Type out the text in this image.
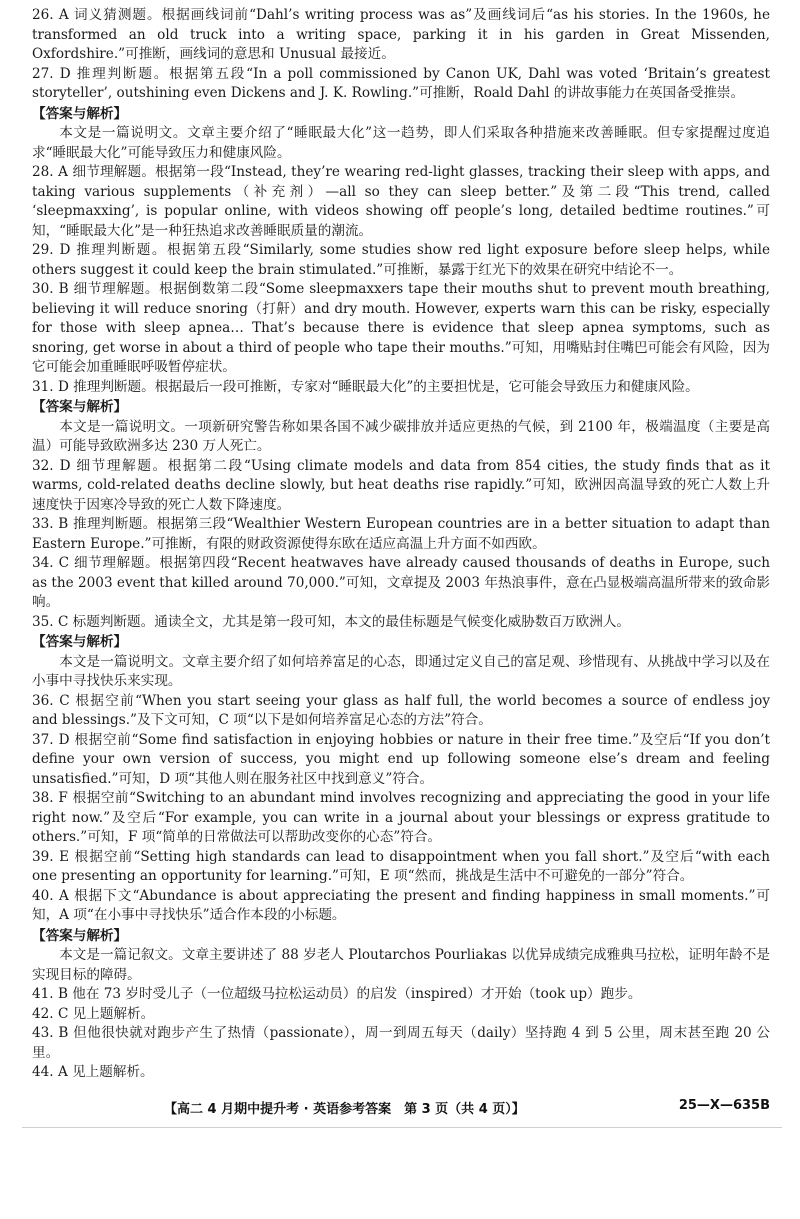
26. A 词义猜测题。根据画线词前“Dahl’s writing process was as”及画线词后“as his stories. In the 1960s, he transformed an old truck into a writing space, parking it in his garden in Great Missenden, Oxfordshire.”可推断，画线词的意思和 Unusual 最接近。

27. D 推理判断题。根据第五段“In a poll commissioned by Canon UK, Dahl was voted ‘Britain’s greatest storyteller’, outshining even Dickens and J. K. Rowling.”可推断，Roald Dahl 的讲故事能力在英国备受推崇。

【答案与解析】

本文是一篇说明文。文章主要介绍了“睡眠最大化”这一趋势，即人们采取各种措施来改善睡眠。但专家提醒过度追求“睡眠最大化”可能导致压力和健康风险。

28. A 细节理解题。根据第一段“Instead, they’re wearing red-light glasses, tracking their sleep with apps, and taking various supplements（补充剂）—all so they can sleep better.”及第二段“This trend, called ‘sleepmaxxing’, is popular online, with videos showing off people’s long, detailed bedtime routines.”可知，“睡眠最大化”是一种狂热追求改善睡眠质量的潮流。

29. D 推理判断题。根据第五段“Similarly, some studies show red light exposure before sleep helps, while others suggest it could keep the brain stimulated.”可推断，暴露于红光下的效果在研究中结论不一。

30. B 细节理解题。根据倒数第二段“Some sleepmaxxers tape their mouths shut to prevent mouth breathing, believing it will reduce snoring（打鼾）and dry mouth. However, experts warn this can be risky, especially for those with sleep apnea… That’s because there is evidence that sleep apnea symptoms, such as snoring, get worse in about a third of people who tape their mouths.”可知，用嘴贴封住嘴巴可能会有风险，因为它可能会加重睡眠呼吸暂停症状。

31. D 推理判断题。根据最后一段可推断，专家对“睡眠最大化”的主要担忧是，它可能会导致压力和健康风险。

【答案与解析】

本文是一篇说明文。一项新研究警告称如果各国不减少碳排放并适应更热的气候，到 2100 年，极端温度（主要是高温）可能导致欧洲多达 230 万人死亡。

32. D 细节理解题。根据第二段“Using climate models and data from 854 cities, the study finds that as it warms, cold-related deaths decline slowly, but heat deaths rise rapidly.”可知，欧洲因高温导致的死亡人数上升速度快于因寒冷导致的死亡人数下降速度。

33. B 推理判断题。根据第三段“Wealthier Western European countries are in a better situation to adapt than Eastern Europe.”可推断，有限的财政资源使得东欧在适应高温上升方面不如西欧。

34. C 细节理解题。根据第四段“Recent heatwaves have already caused thousands of deaths in Europe, such as the 2003 event that killed around 70,000.”可知，文章提及 2003 年热浪事件，意在凸显极端高温所带来的致命影响。

35. C 标题判断题。通读全文，尤其是第一段可知，本文的最佳标题是气候变化威胁数百万欧洲人。

【答案与解析】

本文是一篇说明文。文章主要介绍了如何培养富足的心态，即通过定义自己的富足观、珍惜现有、从挑战中学习以及在小事中寻找快乐来实现。

36. C 根据空前“When you start seeing your glass as half full, the world becomes a source of endless joy and blessings.”及下文可知，C 项“以下是如何培养富足心态的方法”符合。

37. D 根据空前“Some find satisfaction in enjoying hobbies or nature in their free time.”及空后“If you don’t define your own version of success, you might end up following someone else’s dream and feeling unsatisfied.”可知，D 项“其他人则在服务社区中找到意义”符合。

38. F 根据空前“Switching to an abundant mind involves recognizing and appreciating the good in your life right now.”及空后“For example, you can write in a journal about your blessings or express gratitude to others.”可知，F 项“简单的日常做法可以帮助改变你的心态”符合。

39. E 根据空前“Setting high standards can lead to disappointment when you fall short.”及空后“with each one presenting an opportunity for learning.”可知，E 项“然而，挑战是生活中不可避免的一部分”符合。

40. A 根据下文“Abundance is about appreciating the present and finding happiness in small moments.”可知，A 项“在小事中寻找快乐”适合作本段的小标题。

【答案与解析】

本文是一篇记叙文。文章主要讲述了 88 岁老人 Ploutarchos Pourliakas 以优异成绩完成雅典马拉松，证明年龄不是实现目标的障碍。

41. B 他在 73 岁时受儿子（一位超级马拉松运动员）的启发（inspired）才开始（took up）跑步。

42. C 见上题解析。

43. B 但他很快就对跑步产生了热情（passionate），周一到周五每天（daily）坚持跑 4 到 5 公里，周末甚至跑 20 公里。

44. A 见上题解析。

【高二 4 月期中提升考 · 英语参考答案　第 3 页（共 4 页）】	25—X—635B
